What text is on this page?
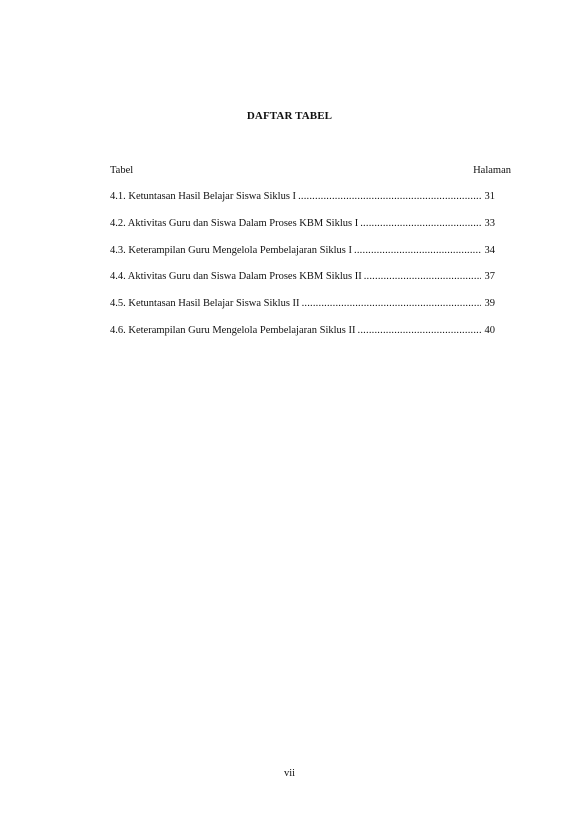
DAFTAR TABEL
Tabel	Halaman
4.1. Ketuntasan Hasil Belajar Siswa Siklus I .....	31
4.2. Aktivitas Guru dan Siswa Dalam Proses KBM Siklus I .....	33
4.3. Keterampilan Guru Mengelola Pembelajaran Siklus I .....	34
4.4. Aktivitas Guru dan Siswa Dalam Proses KBM Siklus II .....	37
4.5. Ketuntasan Hasil Belajar Siswa Siklus II .....	39
4.6. Keterampilan Guru Mengelola Pembelajaran Siklus II .....	40
vii
